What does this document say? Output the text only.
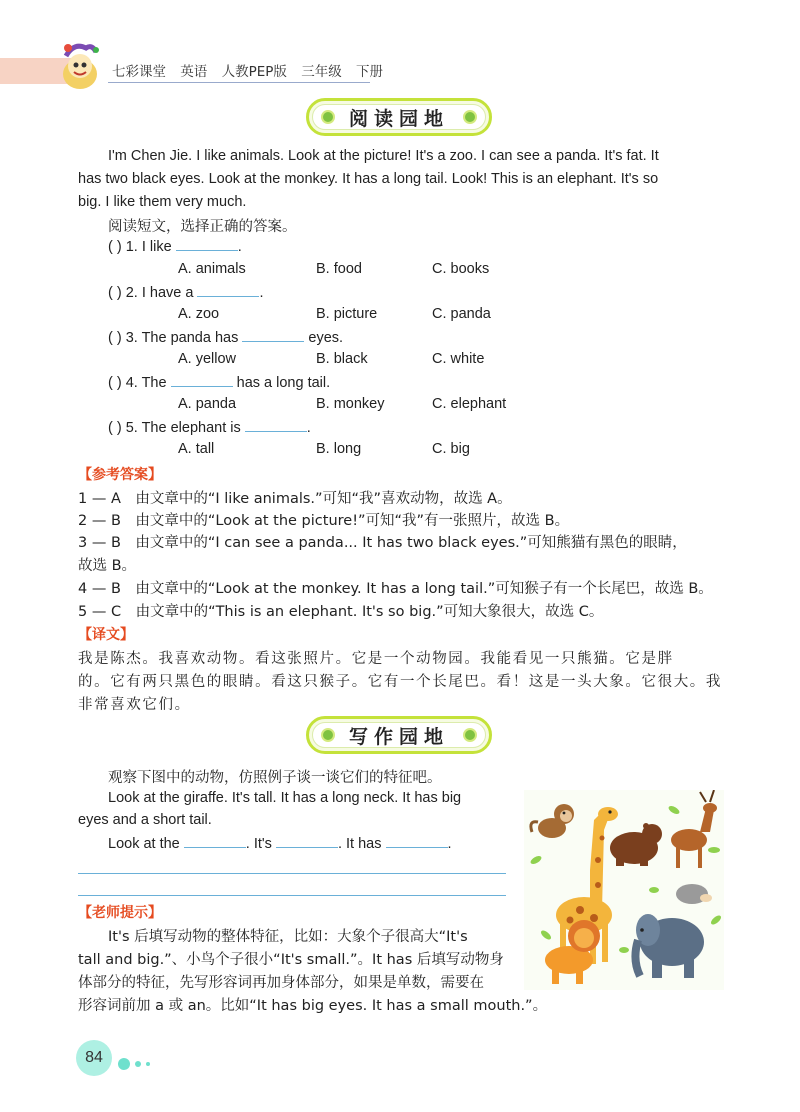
七彩课堂 英语 人教PEP版 三年级 下册
阅读园地
I'm Chen Jie. I like animals. Look at the picture! It's a zoo. I can see a panda. It's fat. It
has two black eyes. Look at the monkey. It has a long tail. Look! This is an elephant. It's so
big. I like them very much.
阅读短文，选择正确的答案。
( ) 1. I like	.
A. animals	B. food	C. books
( ) 2. I have a	.
A. zoo	B. picture	C. panda
( ) 3. The panda has	eyes.
A. yellow	B. black	C. white
( ) 4. The	has a long tail.
A. panda	B. monkey	C. elephant
( ) 5. The elephant is	.
A. tall	B. long	C. big
【参考答案】
1 — A　由文章中的“I like animals.”可知“我”喜欢动物，故选 A。
2 — B　由文章中的“Look at the picture!”可知“我”有一张照片，故选 B。
3 — B　由文章中的“I can see a panda... It has two black eyes.”可知熊猫有黑色的眼睛，
故选 B。
4 — B　由文章中的“Look at the monkey. It has a long tail.”可知猴子有一个长尾巴，故选 B。
5 — C　由文章中的“This is an elephant. It's so big.”可知大象很大，故选 C。
【译文】
我是陈杰。我喜欢动物。看这张照片。它是一个动物园。我能看见一只熊猫。它是胖
的。它有两只黑色的眼睛。看这只猴子。它有一个长尾巴。看！这是一头大象。它很大。我
非常喜欢它们。
写作园地
观察下图中的动物，仿照例子谈一谈它们的特征吧。
Look at the giraffe. It's tall. It has a long neck. It has big
eyes and a short tail.
Look at the	. It's	. It has	.
【老师提示】
It's 后填写动物的整体特征，比如：大象个子很高大“It's
tall and big.”、小鸟个子很小“It's small.”。It has 后填写动物身
体部分的特征，先写形容词再加身体部分，如果是单数，需要在
形容词前加 a 或 an。比如“It has big eyes. It has a small mouth.”。
84
